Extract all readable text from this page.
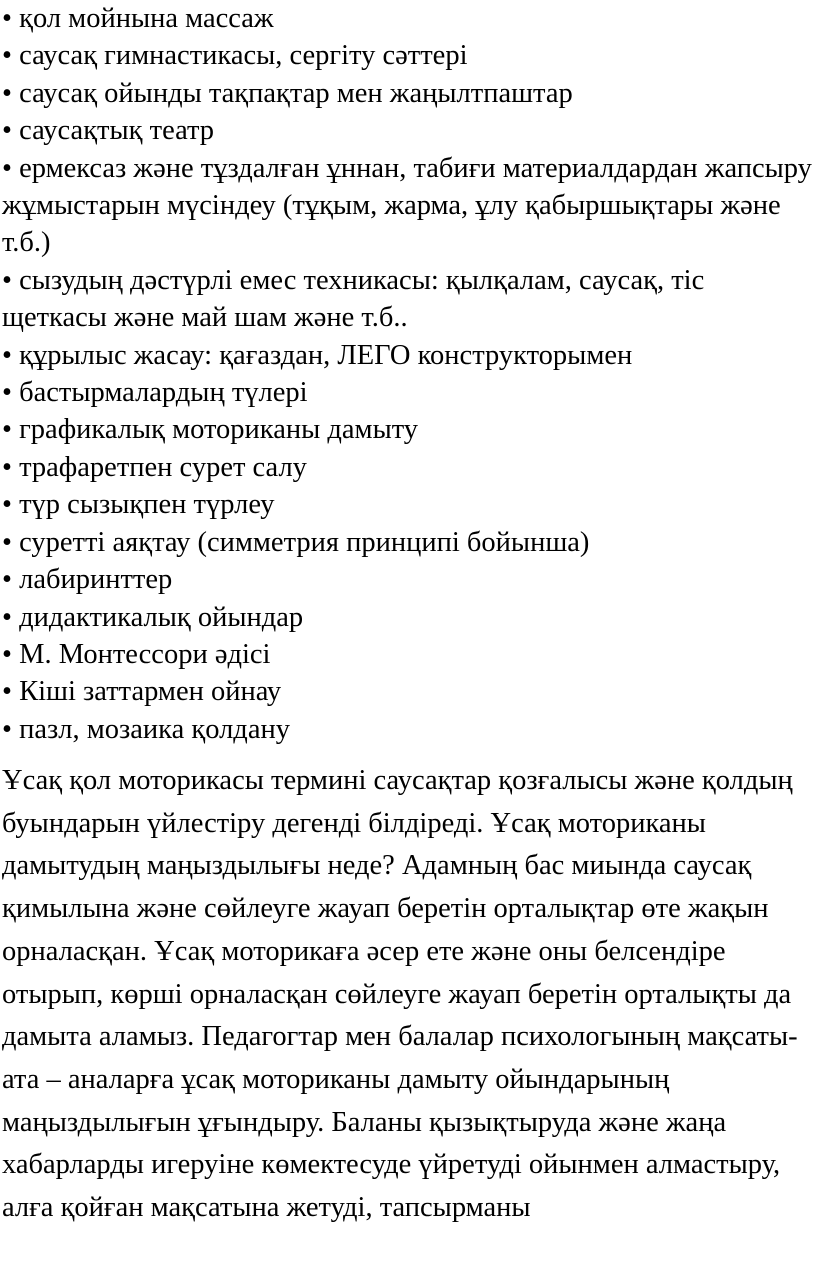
• қол мойнына массаж
• саусақ гимнастикасы, сергіту сәттері
• саусақ ойынды тақпақтар мен жаңылтпаштар
• саусақтық театр
• ермексаз және тұздалған ұннан, табиғи материалдардан жапсыру жұмыстарын мүсіндеу (тұқым, жарма, ұлу қабыршықтары және т.б.)
• сызудың дәстүрлі емес техникасы: қылқалам, саусақ, тіс щеткасы және май шам және т.б..
• құрылыс жасау: қағаздан, ЛЕГО конструкторымен
• бастырмалардың түлері
• графикалық моториканы дамыту
• трафаретпен сурет салу
• түр сызықпен түрлеу
• суретті аяқтау (симметрия принципі бойынша)
• лабиринттер
• дидактикалық ойындар
• М. Монтессори әдісі
• Кіші заттармен ойнау
• пазл, мозаика қолдану

Ұсақ қол моторикасы термині саусақтар қозғалысы және қолдың буындарын үйлестіру дегенді білдіреді. Ұсақ моториканы дамытудың маңыздылығы неде? Адамның бас миында саусақ қимылына және сөйлеуге жауап беретін орталықтар өте жақын орналасқан. Ұсақ моторикаға әсер ете және оны белсендіре отырып, көрші орналасқан сөйлеуге жауап беретін орталықты да дамыта аламыз. Педагогтар мен балалар психологының мақсаты- ата – аналарға ұсақ моториканы дамыту ойындарының маңыздылығын ұғындыру. Баланы қызықтыруда және жаңа хабарларды игеруіне көмектесуде үйретуді ойынмен алмастыру, алға қойған мақсатына жетуді, тапсырманы
